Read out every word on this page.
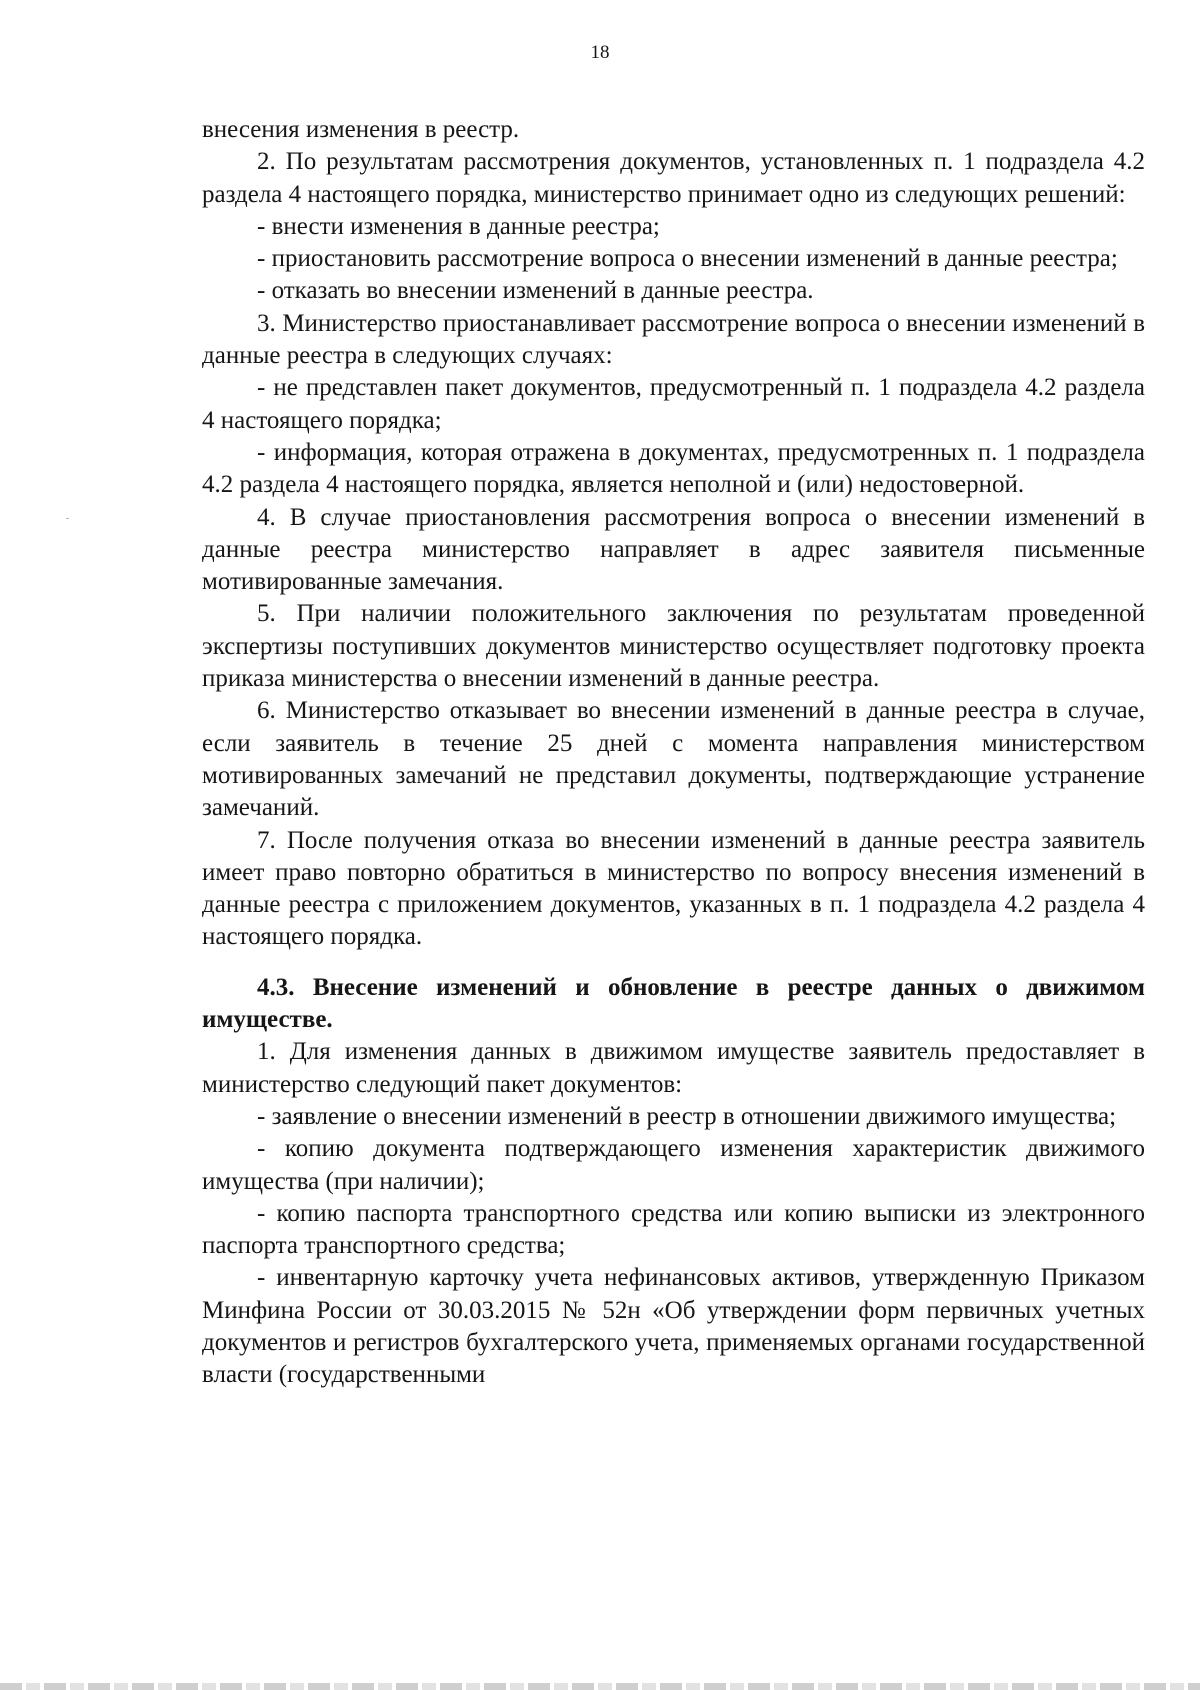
18

внесения изменения в реестр.

2. По результатам рассмотрения документов, установленных п. 1 подраздела 4.2 раздела 4 настоящего порядка, министерство принимает одно из следующих решений:

- внести изменения в данные реестра;

- приостановить рассмотрение вопроса о внесении изменений в данные реестра;

- отказать во внесении изменений в данные реестра.

3. Министерство приостанавливает рассмотрение вопроса о внесении изменений в данные реестра в следующих случаях:

- не представлен пакет документов, предусмотренный п. 1 подраздела 4.2 раздела 4 настоящего порядка;

- информация, которая отражена в документах, предусмотренных п. 1 подраздела 4.2 раздела 4 настоящего порядка, является неполной и (или) недостоверной.

4. В случае приостановления рассмотрения вопроса о внесении изменений в данные реестра министерство направляет в адрес заявителя письменные мотивированные замечания.

5. При наличии положительного заключения по результатам проведенной экспертизы поступивших документов министерство осуществляет подготовку проекта приказа министерства о внесении изменений в данные реестра.

6. Министерство отказывает во внесении изменений в данные реестра в случае, если заявитель в течение 25 дней с момента направления министерством мотивированных замечаний не представил документы, подтверждающие устранение замечаний.

7. После получения отказа во внесении изменений в данные реестра заявитель имеет право повторно обратиться в министерство по вопросу внесения изменений в данные реестра с приложением документов, указанных в п. 1 подраздела 4.2 раздела 4 настоящего порядка.

4.3. Внесение изменений и обновление в реестре данных о движимом имуществе.

1. Для изменения данных в движимом имуществе заявитель предоставляет в министерство следующий пакет документов:

- заявление о внесении изменений в реестр в отношении движимого имущества;

- копию документа подтверждающего изменения характеристик движимого имущества (при наличии);

- копию паспорта транспортного средства или копию выписки из электронного паспорта транспортного средства;

- инвентарную карточку учета нефинансовых активов, утвержденную Приказом Минфина России от 30.03.2015 № 52н «Об утверждении форм первичных учетных документов и регистров бухгалтерского учета, применяемых органами государственной власти (государственными
